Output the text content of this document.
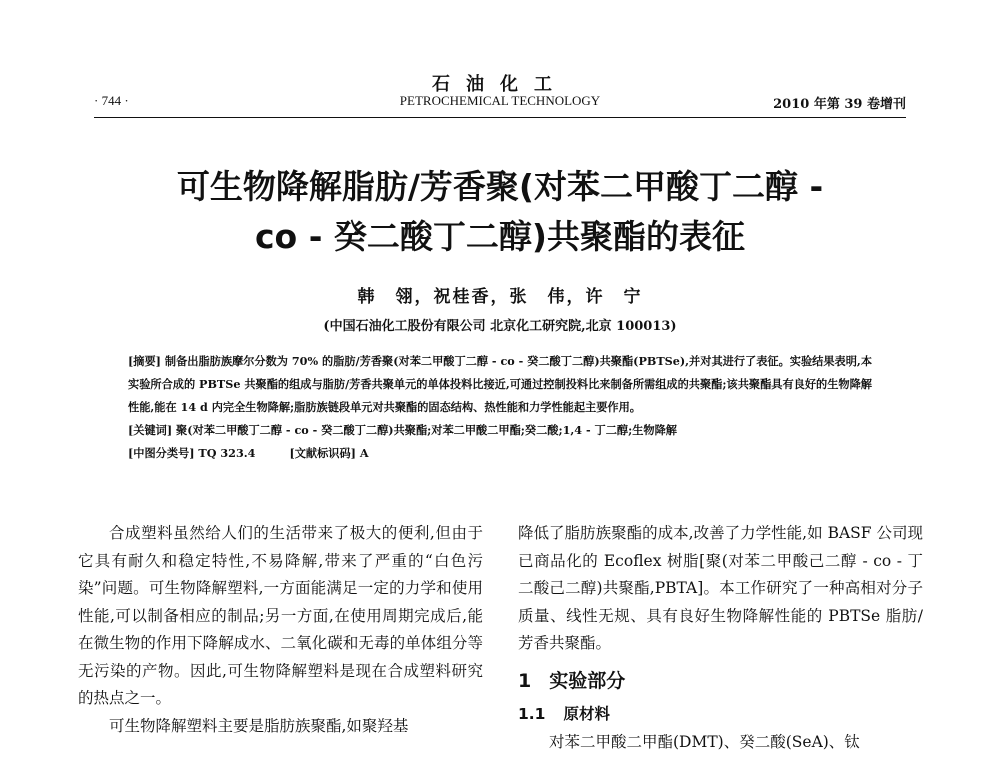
石油化工
PETROCHEMICAL TECHNOLOGY
· 744 ·	2010 年第 39 卷增刊
可生物降解脂肪/芳香聚(对苯二甲酸丁二醇 -
co - 癸二酸丁二醇)共聚酯的表征
韩　翎，祝桂香，张　伟，许　宁
(中国石油化工股份有限公司 北京化工研究院,北京 100013)

[摘要] 制备出脂肪族摩尔分数为 70% 的脂肪/芳香聚(对苯二甲酸丁二醇 - co - 癸二酸丁二醇)共聚酯(PBTSe),并对其进行了表征。实验结果表明,本实验所合成的 PBTSe 共聚酯的组成与脂肪/芳香共聚单元的单体投料比接近,可通过控制投料比来制备所需组成的共聚酯;该共聚酯具有良好的生物降解性能,能在 14 d 内完全生物降解;脂肪族链段单元对共聚酯的固态结构、热性能和力学性能起主要作用。

[关键词] 聚(对苯二甲酸丁二醇 - co - 癸二酸丁二醇)共聚酯;对苯二甲酸二甲酯;癸二酸;1,4 - 丁二醇;生物降解

[中图分类号] TQ 323.4	[文献标识码] A

合成塑料虽然给人们的生活带来了极大的便利,但由于它具有耐久和稳定特性,不易降解,带来了严重的“白色污染”问题。可生物降解塑料,一方面能满足一定的力学和使用性能,可以制备相应的制品;另一方面,在使用周期完成后,能在微生物的作用下降解成水、二氧化碳和无毒的单体组分等无污染的产物。因此,可生物降解塑料是现在合成塑料研究的热点之一。

可生物降解塑料主要是脂肪族聚酯,如聚羟基

降低了脂肪族聚酯的成本,改善了力学性能,如 BASF 公司现已商品化的 Ecoflex 树脂[聚(对苯二甲酸己二醇 - co - 丁二酸己二醇)共聚酯,PBTA]。本工作研究了一种高相对分子质量、线性无规、具有良好生物降解性能的 PBTSe 脂肪/芳香共聚酯。

1 实验部分
1.1 原材料

对苯二甲酸二甲酯(DMT)、癸二酸(SeA)、钛
